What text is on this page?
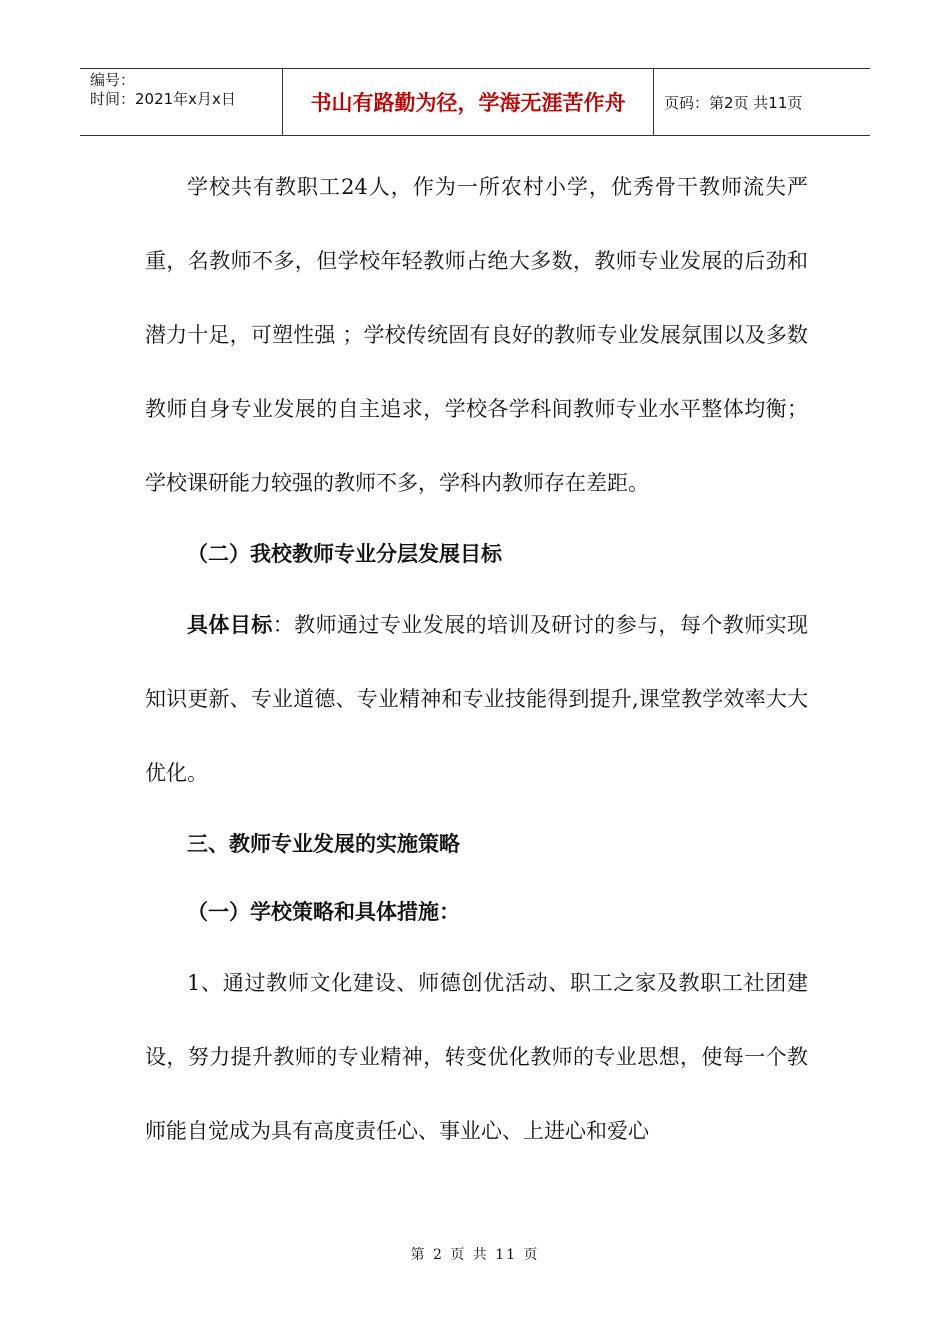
编号：
时间：2021年x月x日	书山有路勤为径，学海无涯苦作舟	页码：第2页 共11页

学校共有教职工24人，作为一所农村小学，优秀骨干教师流失严重，名教师不多，但学校年轻教师占绝大多数，教师专业发展的后劲和潜力十足，可塑性强 ；学校传统固有良好的教师专业发展氛围以及多数教师自身专业发展的自主追求，学校各学科间教师专业水平整体均衡；学校课研能力较强的教师不多，学科内教师存在差距。

（二）我校教师专业分层发展目标

具体目标：教师通过专业发展的培训及研讨的参与，每个教师实现知识更新、专业道德、专业精神和专业技能得到提升,课堂教学效率大大优化。

三、教师专业发展的实施策略

（一）学校策略和具体措施：

1、通过教师文化建设、师德创优活动、职工之家及教职工社团建设，努力提升教师的专业精神，转变优化教师的专业思想，使每一个教师能自觉成为具有高度责任心、事业心、上进心和爱心

第 2 页 共 11 页
